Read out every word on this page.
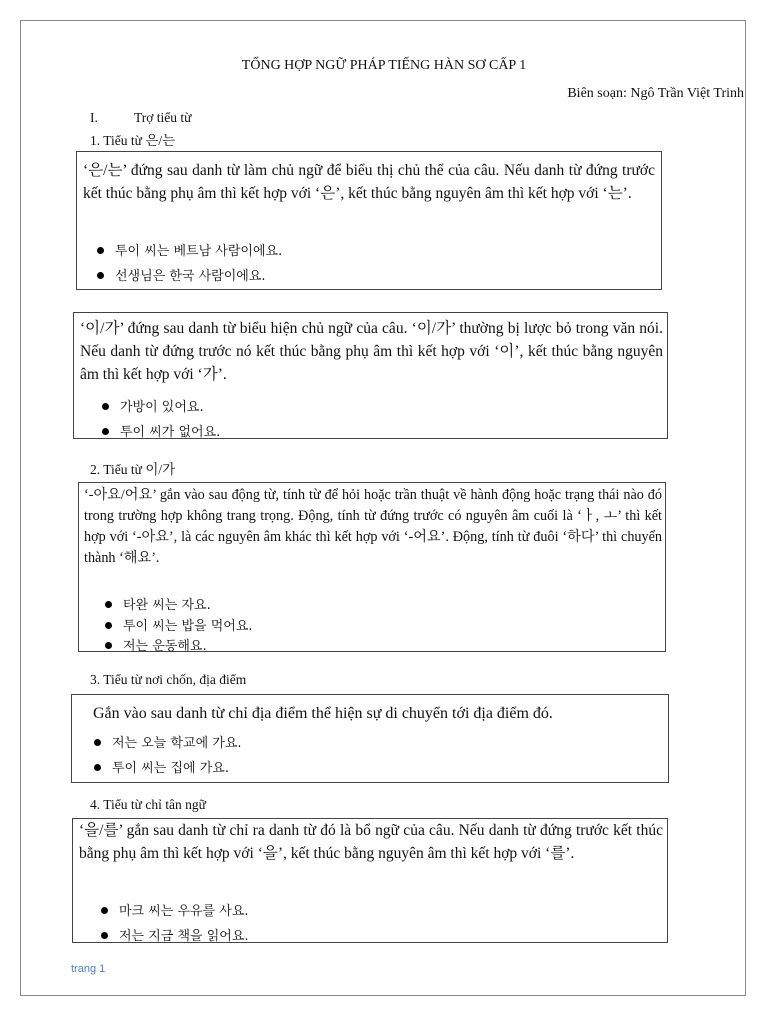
TỔNG HỢP NGỮ PHÁP TIẾNG HÀN SƠ CẤP 1
Biên soạn: Ngô Trần Việt Trinh
I.	Trợ tiểu từ
1. Tiểu từ 은/는
‘은/는’ đứng sau danh từ làm chủ ngữ để biểu thị chủ thể của câu. Nếu danh từ đứng trước kết thúc bằng phụ âm thì kết hợp với ‘은’, kết thúc bằng nguyên âm thì kết hợp với ‘는’.
투이 씨는 베트남 사람이에요.
선생님은 한국 사람이에요.
‘이/가’ đứng sau danh từ biểu hiện chủ ngữ của câu. ‘이/가’ thường bị lược bỏ trong văn nói. Nếu danh từ đứng trước nó kết thúc bằng phụ âm thì kết hợp với ‘이’, kết thúc bằng nguyên âm thì kết hợp với ‘가’.
가방이 있어요.
투이 씨가 없어요.
2. Tiểu từ 이/가
‘-아요/어요’ gắn vào sau động từ, tính từ để hỏi hoặc trần thuật về hành động hoặc trạng thái nào đó trong trường hợp không trang trọng. Động, tính từ đứng trước có nguyên âm cuối là ‘ㅏ, ㅗ’ thì kết hợp với ‘-아요’, là các nguyên âm khác thì kết hợp với ‘-어요’. Động, tính từ đuôi ‘하다’ thì chuyển thành ‘해요’.
타완 씨는 자요.
투이 씨는 밥을 먹어요.
저는 운동해요.
3. Tiểu từ nơi chốn, địa điểm
Gắn vào sau danh từ chỉ địa điểm thể hiện sự di chuyển tới địa điểm đó.
저는 오늘 학교에 가요.
투이 씨는 집에 가요.
4. Tiểu từ chỉ tân ngữ
‘을/를’ gắn sau danh từ chỉ ra danh từ đó là bổ ngữ của câu. Nếu danh từ đứng trước kết thúc bằng phụ âm thì kết hợp với ‘을’, kết thúc bằng nguyên âm thì kết hợp với ‘를’.
마크 씨는 우유를 사요.
저는 지금 책을 읽어요.
trang 1
